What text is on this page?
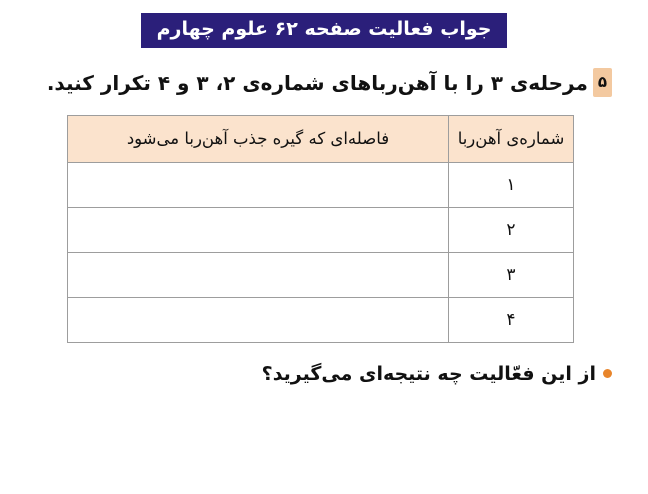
جواب فعالیت صفحه ۶۲ علوم چهارم
۵مرحله‌ی ۳ را با آهن‌رباهای شماره‌ی ۲، ۳ و ۴ تکرار کنید.
شماره‌ی آهن‌ربا	فاصله‌ای که گیره جذب آهن‌ربا می‌شود
۱	
۲	
۳	
۴	
از این فعّالیت چه نتیجه‌ای می‌گیرید؟
